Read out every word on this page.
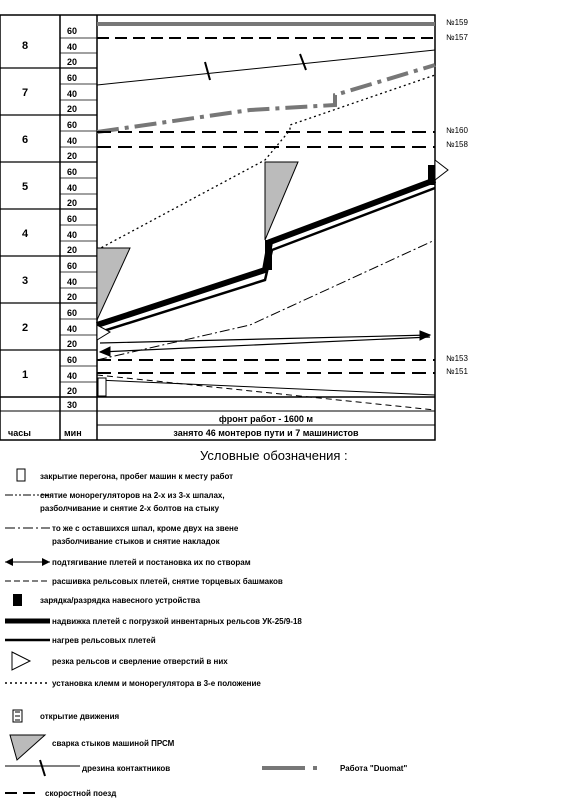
8
7
6
5
4
3
2
1
60
40
20
60
40
20
60
40
20
60
40
20
60
40
20
60
40
20
60
40
20
60
40
20
30
часы	мин
фронт работ - 1600 м
занято 46 монтеров пути и 7 машинистов
№159
№157
№160
№158
№153
№151
Условные обозначения :
закрытие перегона, пробег машин к месту работ
снятие монорегуляторов на 2-х из 3-х шпалах,
разболчивание и снятие 2-х болтов на стыку
то же с оставшихся шпал, кроме двух на звене
разболчивание стыков и снятие накладок
подтягивание плетей и постановка их по створам
расшивка рельсовых плетей, снятие торцевых башмаков
зарядка/разрядка навесного устройства
надвижка плетей с погрузкой инвентарных рельсов УК-25/9-18
нагрев рельсовых плетей
резка рельсов и сверление отверстий в них
установка клемм и монорегулятора в 3-е положение
открытие движения
сварка стыков машиной ПРСМ
дрезина контактников	Работа "Duomat"
скоростной поезд
